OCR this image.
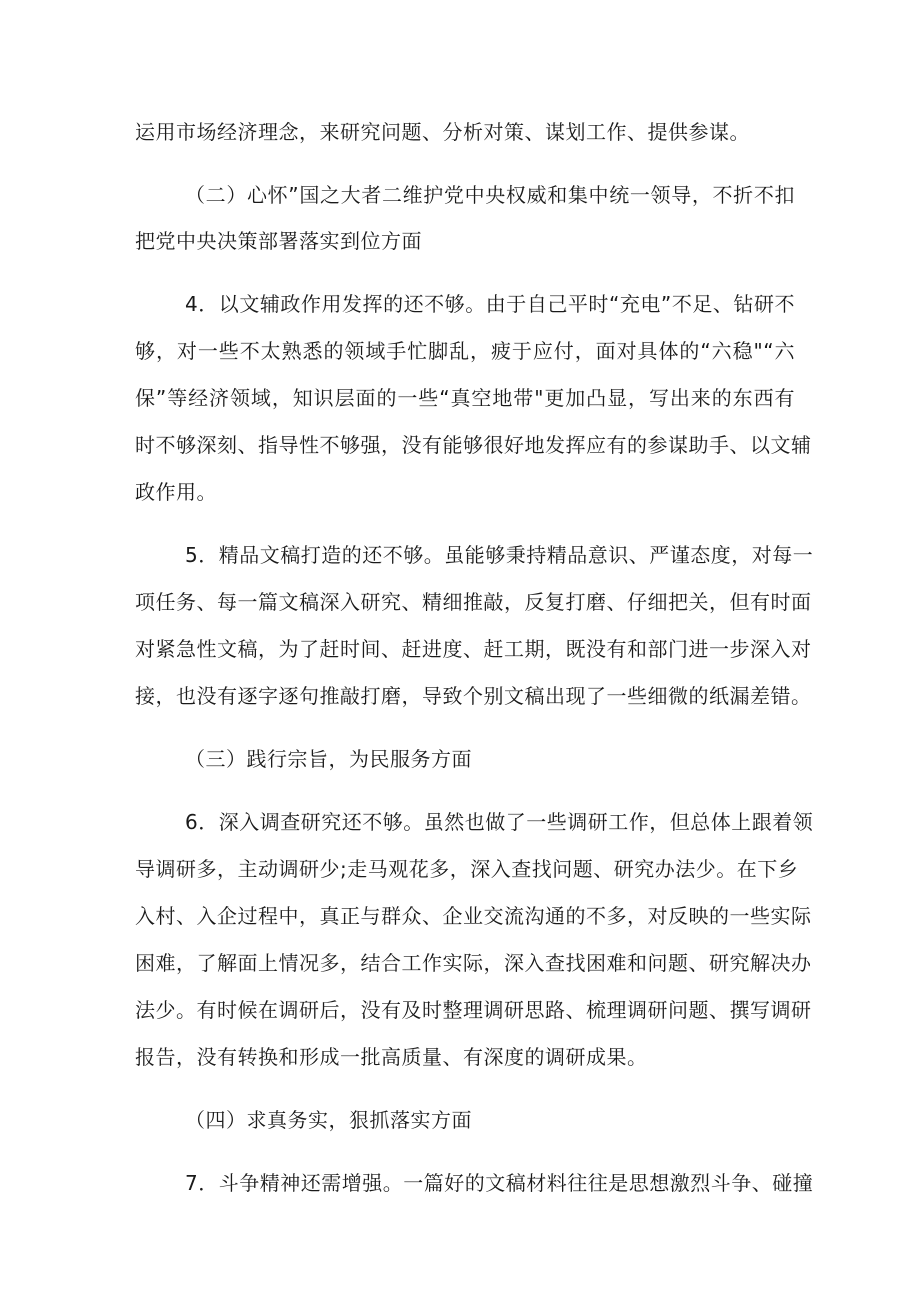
运用市场经济理念，来研究问题、分析对策、谋划工作、提供参谋。
（二）心怀”国之大者二维护党中央权威和集中统一领导，不折不扣
把党中央决策部署落实到位方面
4．以文辅政作用发挥的还不够。由于自己平时“充电”不足、钻研不
够，对一些不太熟悉的领域手忙脚乱，疲于应付，面对具体的“六稳"“六
保”等经济领域，知识层面的一些“真空地带"更加凸显，写出来的东西有
时不够深刻、指导性不够强，没有能够很好地发挥应有的参谋助手、以文辅
政作用。
5．精品文稿打造的还不够。虽能够秉持精品意识、严谨态度，对每一
项任务、每一篇文稿深入研究、精细推敲，反复打磨、仔细把关，但有时面
对紧急性文稿，为了赶时间、赶进度、赶工期，既没有和部门进一步深入对
接，也没有逐字逐句推敲打磨，导致个别文稿出现了一些细微的纸漏差错。
（三）践行宗旨，为民服务方面
6．深入调查研究还不够。虽然也做了一些调研工作，但总体上跟着领
导调研多，主动调研少;走马观花多，深入查找问题、研究办法少。在下乡
入村、入企过程中，真正与群众、企业交流沟通的不多，对反映的一些实际
困难，了解面上情况多，结合工作实际，深入查找困难和问题、研究解决办
法少。有时候在调研后，没有及时整理调研思路、梳理调研问题、撰写调研
报告，没有转换和形成一批高质量、有深度的调研成果。
（四）求真务实，狠抓落实方面
7．斗争精神还需增强。一篇好的文稿材料往往是思想激烈斗争、碰撞
